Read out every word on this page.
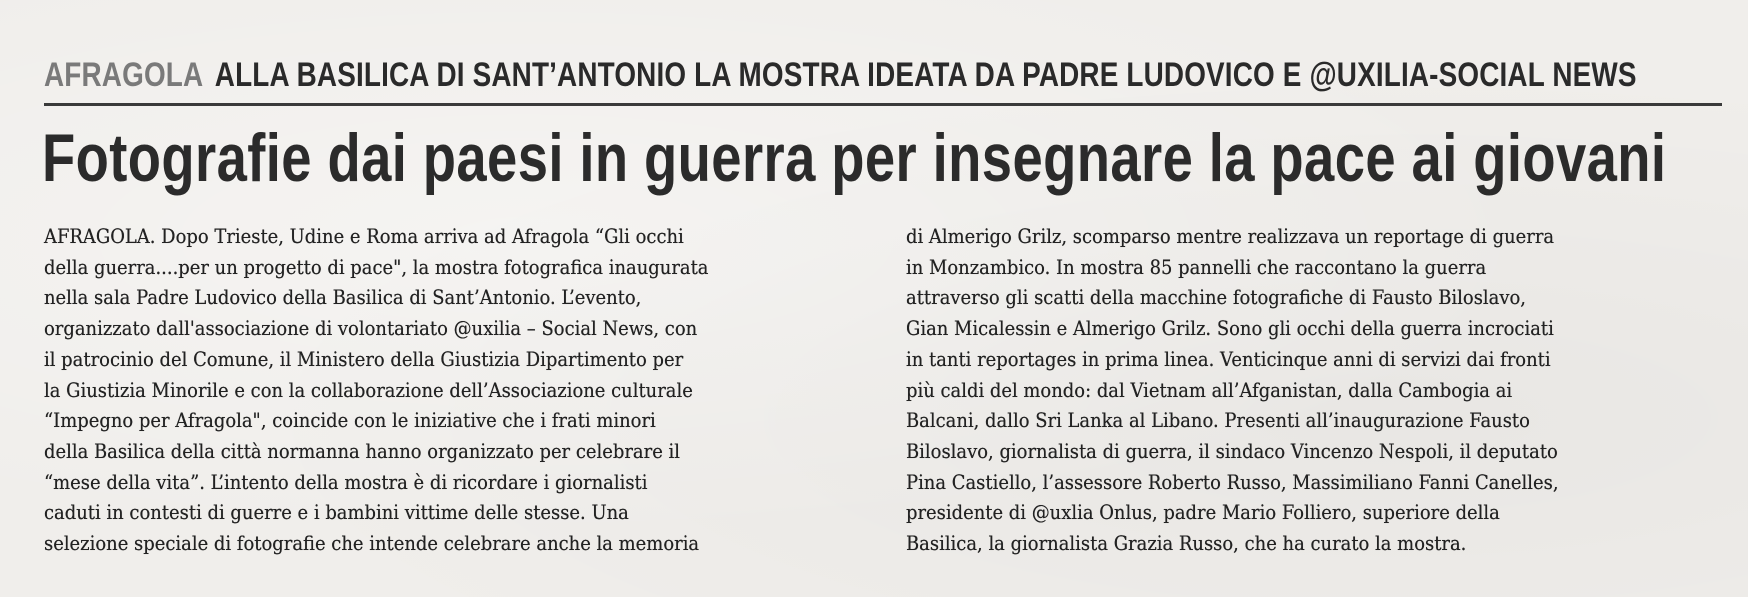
AFRAGOLA ALLA BASILICA DI SANT’ANTONIO LA MOSTRA IDEATA DA PADRE LUDOVICO E @UXILIA-SOCIAL NEWS
Fotografie dai paesi in guerra per insegnare la pace ai giovani
AFRAGOLA. Dopo Trieste, Udine e Roma arriva ad Afragola “Gli occhi
della guerra....per un progetto di pace", la mostra fotografica inaugurata
nella sala Padre Ludovico della Basilica di Sant’Antonio. L’evento,
organizzato dall'associazione di volontariato @uxilia – Social News, con
il patrocinio del Comune, il Ministero della Giustizia Dipartimento per
la Giustizia Minorile e con la collaborazione dell’Associazione culturale
“Impegno per Afragola", coincide con le iniziative che i frati minori
della Basilica della città normanna hanno organizzato per celebrare il
“mese della vita”. L’intento della mostra è di ricordare i giornalisti
caduti in contesti di guerre e i bambini vittime delle stesse. Una
selezione speciale di fotografie che intende celebrare anche la memoria
di Almerigo Grilz, scomparso mentre realizzava un reportage di guerra
in Monzambico. In mostra 85 pannelli che raccontano la guerra
attraverso gli scatti della macchine fotografiche di Fausto Biloslavo,
Gian Micalessin e Almerigo Grilz. Sono gli occhi della guerra incrociati
in tanti reportages in prima linea. Venticinque anni di servizi dai fronti
più caldi del mondo: dal Vietnam all’Afganistan, dalla Cambogia ai
Balcani, dallo Sri Lanka al Libano. Presenti all’inaugurazione Fausto
Biloslavo, giornalista di guerra, il sindaco Vincenzo Nespoli, il deputato
Pina Castiello, l’assessore Roberto Russo, Massimiliano Fanni Canelles,
presidente di @uxlia Onlus, padre Mario Folliero, superiore della
Basilica, la giornalista Grazia Russo, che ha curato la mostra.
